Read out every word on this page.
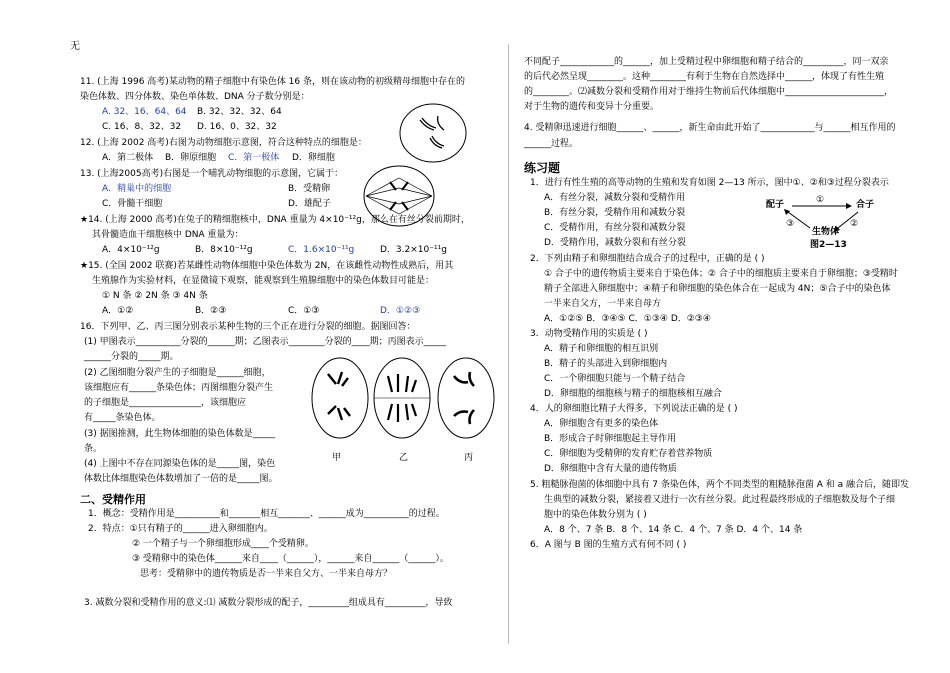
无
11. (上海 1996 高考)某动物的精子细胞中有染色体 16 条，则在该动物的初级精母细胞中存在的
染色体数、四分体数、染色单体数、DNA 分子数分别是：
A. 32、16、64、64 B. 32、32、32、64
C. 16、8、32、32 D. 16、0、32、32
12. (上海 2002 高考)右图为动物细胞示意图，符合这种特点的细胞是：
A．第二极体 B．卵原细胞 C．第一极体 D．卵细胞
13. (上海2005高考)右图是一个哺乳动物细胞的示意图，它属于：
A．精巢中的细胞	B．受精卵
C．骨髓干细胞	D．雄配子
★14. (上海 2000 高考)在兔子的精细胞核中，DNA 重量为 4×10⁻¹²g，那么在有丝分裂前期时，
其骨髓造血干细胞核中 DNA 重量为：
A．4×10⁻¹²g	B．8×10⁻¹²g	C．1.6×10⁻¹¹g	D．3.2×10⁻¹¹g
★15. (全国 2002 联赛)若某雌性动物体细胞中染色体数为 2N，在该雌性动物性成熟后，用其
生殖腺作为实验材料，在显微镜下观察，能观察到生殖腺细胞中的染色体数目可能是：
① N 条 ② 2N 条 ③ 4N 条
A．①②	B．②③	C．①③	D．①②③
16．下列甲、乙、丙三图分别表示某种生物的三个正在进行分裂的细胞。据图回答：
(1) 甲图表示__________分裂的______期；乙图表示________分裂的____期；丙图表示_____
______分裂的_____期。
(2) 乙图细胞分裂产生的子细胞是______细胞，
该细胞应有______条染色体；丙图细胞分裂产生
的子细胞是________________，该细胞应
有_____条染色体。
(3) 据图推测，此生物体细胞的染色体数是_____
条。
(4) 上图中不存在同源染色体的是_____图，染色
体数比体细胞染色体数增加了一倍的是_____图。
二、受精作用
1．概念：受精作用是__________和_______相互_______、______成为__________的过程。
2．特点：①只有精子的______进入卵细胞内。
② 一个精子与一个卵细胞形成____个受精卵。
③ 受精卵中的染色体______来自____（______），______来自______（______）。
思考：受精卵中的遗传物质是否一半来自父方、一半来自母方？
3. 减数分裂和受精作用的意义:⑴ 减数分裂形成的配子，_________组成具有_________，导致
甲	乙	丙
不同配子____________的______，加上受精过程中卵细胞和精子结合的_________，同一双亲
的后代必然呈现________。这种________有利于生物在自然选择中______，体现了有性生殖
的________。⑵减数分裂和受精作用对于维持生物前后代体细胞中______________________，
对于生物的遗传和变异十分重要。
4. 受精卵迅速进行细胞______、______，新生命由此开始了____________与______相互作用的
______过程。
练习题
1．进行有性生殖的高等动物的生殖和发育如图 2—13 所示，图中①、②和③过程分裂表示
A．有丝分裂，减数分裂和受精作用
B．有丝分裂，受精作用和减数分裂
C．受精作用，有丝分裂和减数分裂
D．受精作用，减数分裂和有丝分裂
2．下列由精子和卵细胞结合成合子的过程中，正确的是 ( )
① 合子中的遗传物质主要来自于染色体；② 合子中的细胞质主要来自于卵细胞；③受精时
精子全部进入卵细胞中；④精子和卵细胞的染色体合在一起成为 4N；⑤合子中的染色体
一半来自父方，一半来自母方
A．①②⑤ B．③④⑤ C．①③④ D．②③④
3．动物受精作用的实质是 ( )
A．精子和卵细胞的相互识别
B．精子的头部进入到卵细胞内
C．一个卵细胞只能与一个精子结合
D．卵细胞的细胞核与精子的细胞核相互融合
4．人的卵细胞比精子大得多，下列说法正确的是 ( )
A．卵细胞含有更多的染色体
B．形成合子时卵细胞起主导作用
C．卵细胞为受精卵的发育贮存着营养物质
D．卵细胞中含有大量的遗传物质
5. 粗糙脉孢菌的体细胞中具有 7 条染色体，两个不同类型的粗糙脉孢菌 A 和 a 融合后，随即发
生典型的减数分裂，紧接着又进行一次有丝分裂。此过程最终形成的子细胞数及每个子细
胞中的染色体数分别为 ( )
A．8 个、7 条 B．8 个、14 条 C．4 个、7 条 D．4 个、14 条
6．A 图与 B 图的生殖方式有何不同 ( )
配子	合子
生物体
①
②
③
图2—13
